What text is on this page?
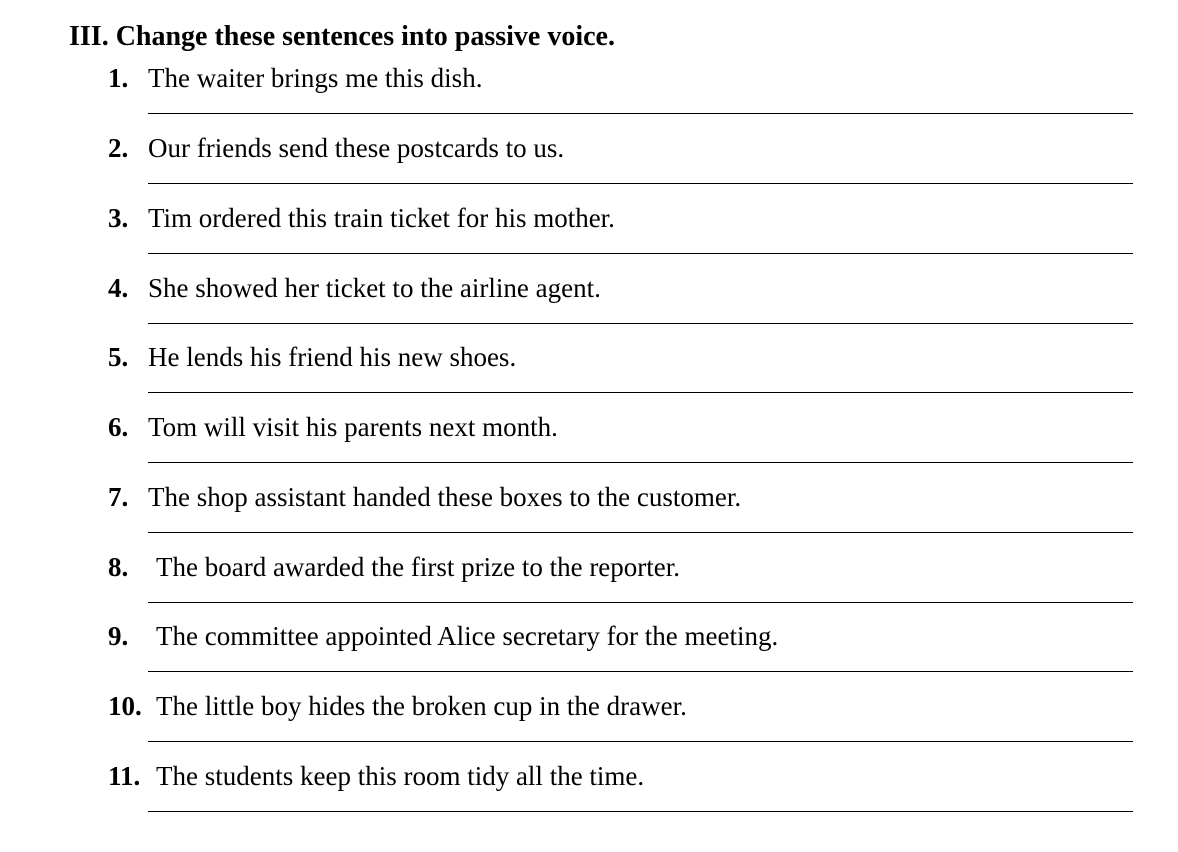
III. Change these sentences into passive voice.
1. The waiter brings me this dish.
2. Our friends send these postcards to us.
3. Tim ordered this train ticket for his mother.
4. She showed her ticket to the airline agent.
5. He lends his friend his new shoes.
6. Tom will visit his parents next month.
7. The shop assistant handed these boxes to the customer.
8. The board awarded the first prize to the reporter.
9. The committee appointed Alice secretary for the meeting.
10. The little boy hides the broken cup in the drawer.
11. The students keep this room tidy all the time.
